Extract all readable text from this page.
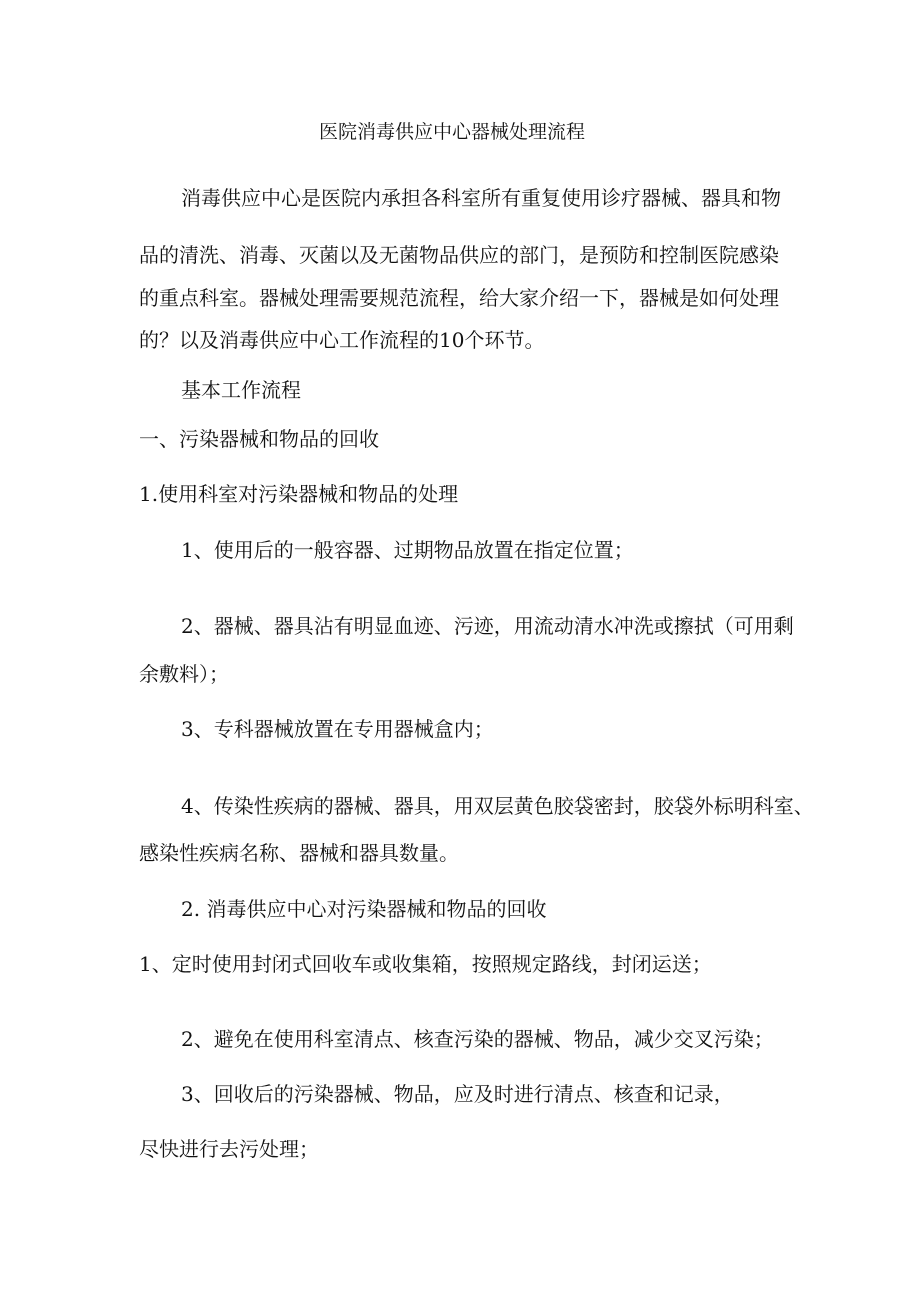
医院消毒供应中心器械处理流程
消毒供应中心是医院内承担各科室所有重复使用诊疗器械、器具和物
品的清洗、消毒、灭菌以及无菌物品供应的部门，是预防和控制医院感染
的重点科室。器械处理需要规范流程，给大家介绍一下，器械是如何处理
的？以及消毒供应中心工作流程的10个环节。
基本工作流程
一、污染器械和物品的回收
1.使用科室对污染器械和物品的处理
1、使用后的一般容器、过期物品放置在指定位置；
2、器械、器具沾有明显血迹、污迹，用流动清水冲洗或擦拭（可用剩
余敷料）；
3、专科器械放置在专用器械盒内；
4、传染性疾病的器械、器具，用双层黄色胶袋密封，胶袋外标明科室、
感染性疾病名称、器械和器具数量。
2. 消毒供应中心对污染器械和物品的回收
1、定时使用封闭式回收车或收集箱，按照规定路线，封闭运送；
2、避免在使用科室清点、核查污染的器械、物品，减少交叉污染；
3、回收后的污染器械、物品，应及时进行清点、核查和记录，
尽快进行去污处理；
